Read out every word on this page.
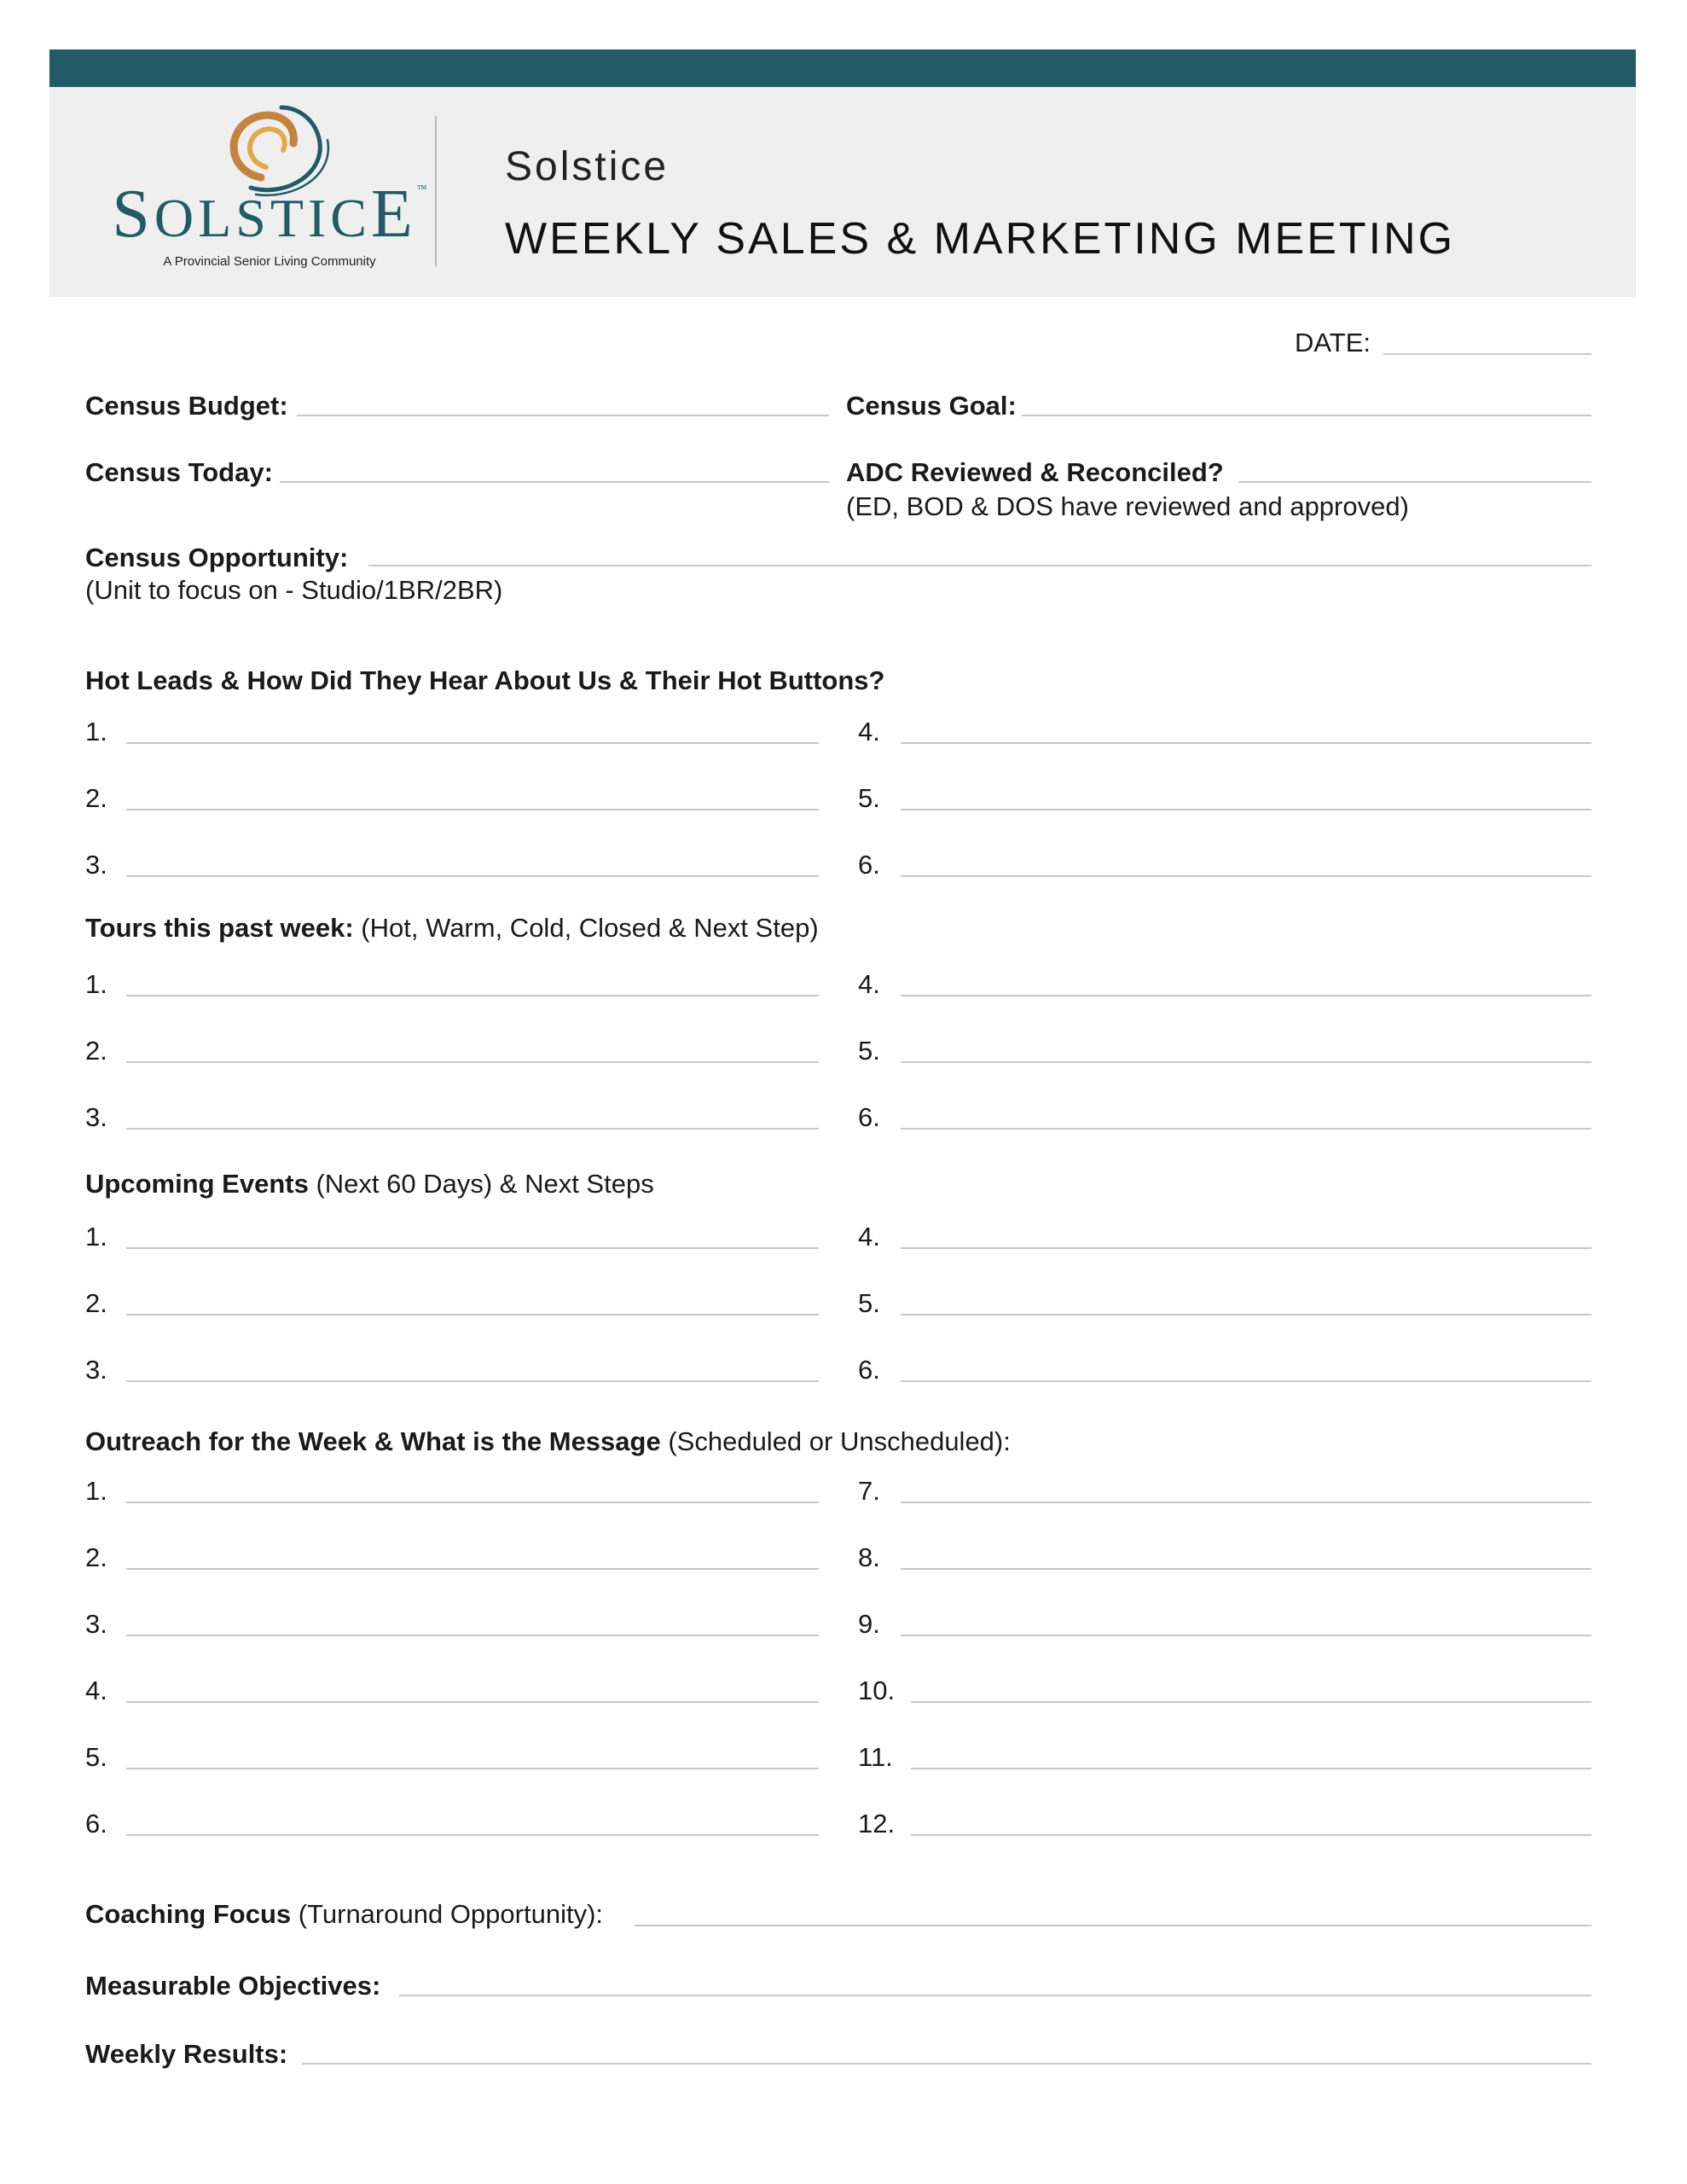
SOLSTICE™
A Provincial Senior Living Community
Solstice
WEEKLY SALES & MARKETING MEETING
DATE:
Census Budget:	Census Goal:
Census Today:	ADC Reviewed & Reconciled?
(ED, BOD & DOS have reviewed and approved)
Census Opportunity:
(Unit to focus on - Studio/1BR/2BR)
Hot Leads & How Did They Hear About Us & Their Hot Buttons?
1.
2.
3.
4.
5.
6.
Tours this past week: (Hot, Warm, Cold, Closed & Next Step)
1.
2.
3.
4.
5.
6.
Upcoming Events (Next 60 Days) & Next Steps
1.
2.
3.
4.
5.
6.
Outreach for the Week & What is the Message (Scheduled or Unscheduled):
1.
2.
3.
4.
5.
6.
7.
8.
9.
10.
11.
12.
Coaching Focus (Turnaround Opportunity):
Measurable Objectives:
Weekly Results:
